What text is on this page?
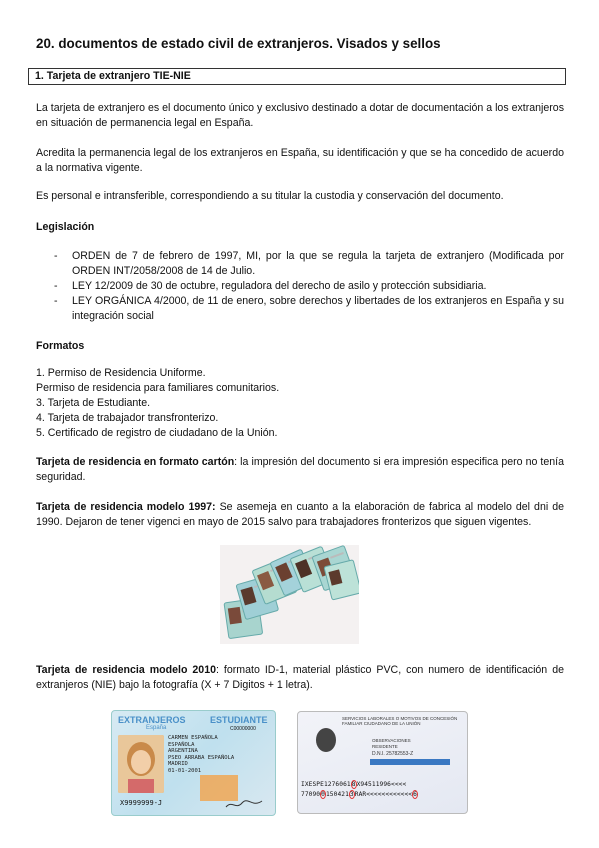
20. documentos de estado civil de extranjeros. Visados y sellos
1. Tarjeta de extranjero TIE-NIE
La tarjeta de extranjero es el documento único y exclusivo destinado a dotar de documentación a los extranjeros en situación de permanencia legal en España.
Acredita la permanencia legal de los extranjeros en España, su identificación y que se ha concedido de acuerdo a la normativa vigente.
Es personal e intransferible, correspondiendo a su titular la custodia y conservación del documento.
Legislación
- ORDEN de 7 de febrero de 1997, MI, por la que se regula la tarjeta de extranjero (Modificada por ORDEN INT/2058/2008 de 14 de Julio.
- LEY 12/2009 de 30 de octubre, reguladora del derecho de asilo y protección subsidiaria.
- LEY ORGÁNICA 4/2000, de 11 de enero, sobre derechos y libertades de los extranjeros en España y su integración social
Formatos
1. Permiso de Residencia Uniforme.
Permiso de residencia para familiares comunitarios.
3. Tarjeta de Estudiante.
4. Tarjeta de trabajador transfronterizo.
5. Certificado de registro de ciudadano de la Unión.
Tarjeta de residencia en formato cartón: la impresión del documento si era impresión especifica pero no tenía seguridad.
Tarjeta de residencia modelo 1997: Se asemeja en cuanto a la elaboración de fabrica al modelo del dni de 1990. Dejaron de tener vigenci en mayo de 2015 salvo para trabajadores fronterizos que siguen vigentes.
Tarjeta de residencia modelo 2010: formato ID-1, material plástico PVC, con numero de identificación de extranjeros (NIE) bajo la fotografía (X + 7 Digitos + 1 letra).
EXTRANJEROS
España
ESTUDIANTE
C00000000
CARMEN ESPAÑOLA
ESPAÑOLA
ARGENTINA
PSEO ARRABA ESPAÑOLA
MADRID
01-01-2001
X9999999-J
SERVICIOS LABORALES O MOTIVOS DE CONCESIÓN FAMILIAR CIUDADANO DE LA UNIÓN
OBSERVACIONES
RESIDENTE
D.N.I. 25782553-Z
IXESPE12760618X94511996<<<<
7709001504213RAR<<<<<<<<<<<<6
